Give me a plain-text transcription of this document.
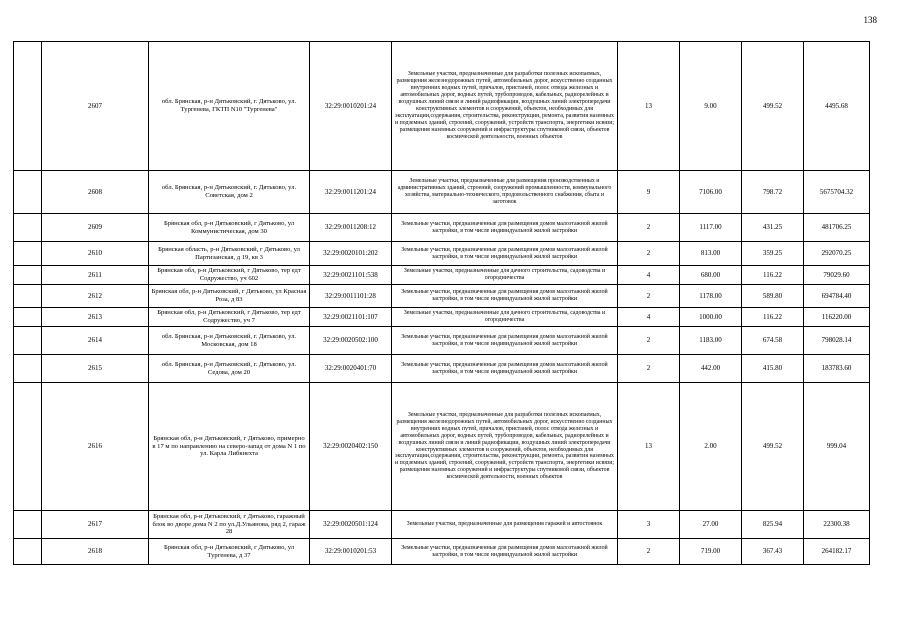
138
	2607	обл. Брянская, р-н Дятьковский, г. Дятьково, ул. Тургенева, ГКТП N10 "Тургенева"	32:29:0010201:24	Земельные участки, предназначенные для разработки полезных ископаемых, размещения железнодорожных путей, автомобильных дорог, искусственно созданных внутренних водных путей, причалов, пристаней, полос отвода железных и автомобильных дорог, водных путей, трубопроводов, кабельных, радиорелейных и воздушных линий связи и линий радиофикации, воздушных линий электропередачи конструктивных элементов и сооружений, объектов, необходимых для эксплуатации,содержания, строительства, реконструкции, ремонта, развития наземных и подземных зданий, строений, сооружений, устройств транспорта, энергетики исвязи; размещения наземных сооружений и инфраструктуры спутниковой связи, объектов космической деятельности, военных объектов	13	9.00	499.52	4495.68
	2608	обл. Брянская, р-н Дятьковский, г. Дятьково, ул. Советская, дом 2	32:29:0011201:24	Земельные участки, предназначенные для размещения производственных и административных зданий, строений, сооружений промышленности, коммунального хозяйства, материально-технического, продовольственного снабжения, сбыта и заготовок	9	7106.00	798.72	5675704.32
	2609	Брянская обл, р-н Дятьковский, г Дятьково, ул Коммунистическая, дом 30	32:29:0011208:12	Земельные участки, предназначенные для размещения домов малоэтажной жилой застройки, в том числе индивидуальной жилой застройки	2	1117.00	431.25	481706.25
	2610	Брянская область, р-н Дятьковский, г Дятьково, ул Партизанская, д 19, кв 3	32:29:0020101:202	Земельные участки, предназначенные для размещения домов малоэтажной жилой застройки, в том числе индивидуальной жилой застройки	2	813.00	359.25	292070.25
	2611	Брянская обл, р-н Дятьковский, г Дятьково, тер едт Содружество, уч 602	32:29:0021101:538	Земельные участки, предназначенные для дачного строительства, садоводства и огородничества	4	680.00	116.22	79029.60
	2612	Брянская обл, р-н Дятьковский, г Дятьково, ул Красная Роза, д 83	32:29:0011101:28	Земельные участки, предназначенные для размещения домов малоэтажной жилой застройки, в том числе индивидуальной жилой застройки	2	1178.00	589.80	694784.40
	2613	Брянская обл, р-н Дятьковский, г Дятьково, тер едт Содружество, уч 7	32:29:0021101:107	Земельные участки, предназначенные для дачного строительства, садоводства и огородничества	4	1000.00	116.22	116220.00
	2614	обл. Брянская, р-н Дятьковский, г. Дятьково, ул. Московская, дом 18	32:29:0020502:100	Земельные участки, предназначенные для размещения домов малоэтажной жилой застройки, в том числе индивидуальной жилой застройки	2	1183.00	674.58	798028.14
	2615	обл. Брянская, р-н Дятьковский, г. Дятьково, ул. Седова, дом 20	32:29:0020401:70	Земельные участки, предназначенные для размещения домов малоэтажной жилой застройки, в том числе индивидуальной жилой застройки	2	442.00	415.80	183783.60
	2616	Брянская обл, р-н Дятьковский, г Дятьково, примерно в 17 м по направлению на северо-запад от дома N 1 по ул. Карла Либкнехта	32:29:0020402:150	Земельные участки, предназначенные для разработки полезных ископаемых, размещения железнодорожных путей, автомобильных дорог, искусственно созданных внутренних водных путей, причалов, пристаней, полос отвода железных и автомобильных дорог, водных путей, трубопроводов, кабельных, радиорелейных и воздушных линий связи и линий радиофикации, воздушных линий электропередачи конструктивных элементов и сооружений, объектов, необходимых для эксплуатации,содержания, строительства, реконструкции, ремонта, развития наземных и подземных зданий, строений, сооружений, устройств транспорта, энергетики исвязи; размещения наземных сооружений и инфраструктуры спутниковой связи, объектов космической деятельности, военных объектов	13	2.00	499.52	999.04
	2617	Брянская обл, р-н Дятьковский, г Дятьково, гаражный блок во дворе дома N 2 по ул.Д.Ульянова, ряд 2, гараж 28	32:29:0020501:124	Земельные участки, предназначенные для размещения гаражей и автостоянок	3	27.00	825.94	22300.38
	2618	Брянская обл, р-н Дятьковский, г Дятьково, ул Тургенева, д 37	32:29:0010201:53	Земельные участки, предназначенные для размещения домов малоэтажной жилой застройки, в том числе индивидуальной жилой застройки	2	719.00	367.43	264182.17
